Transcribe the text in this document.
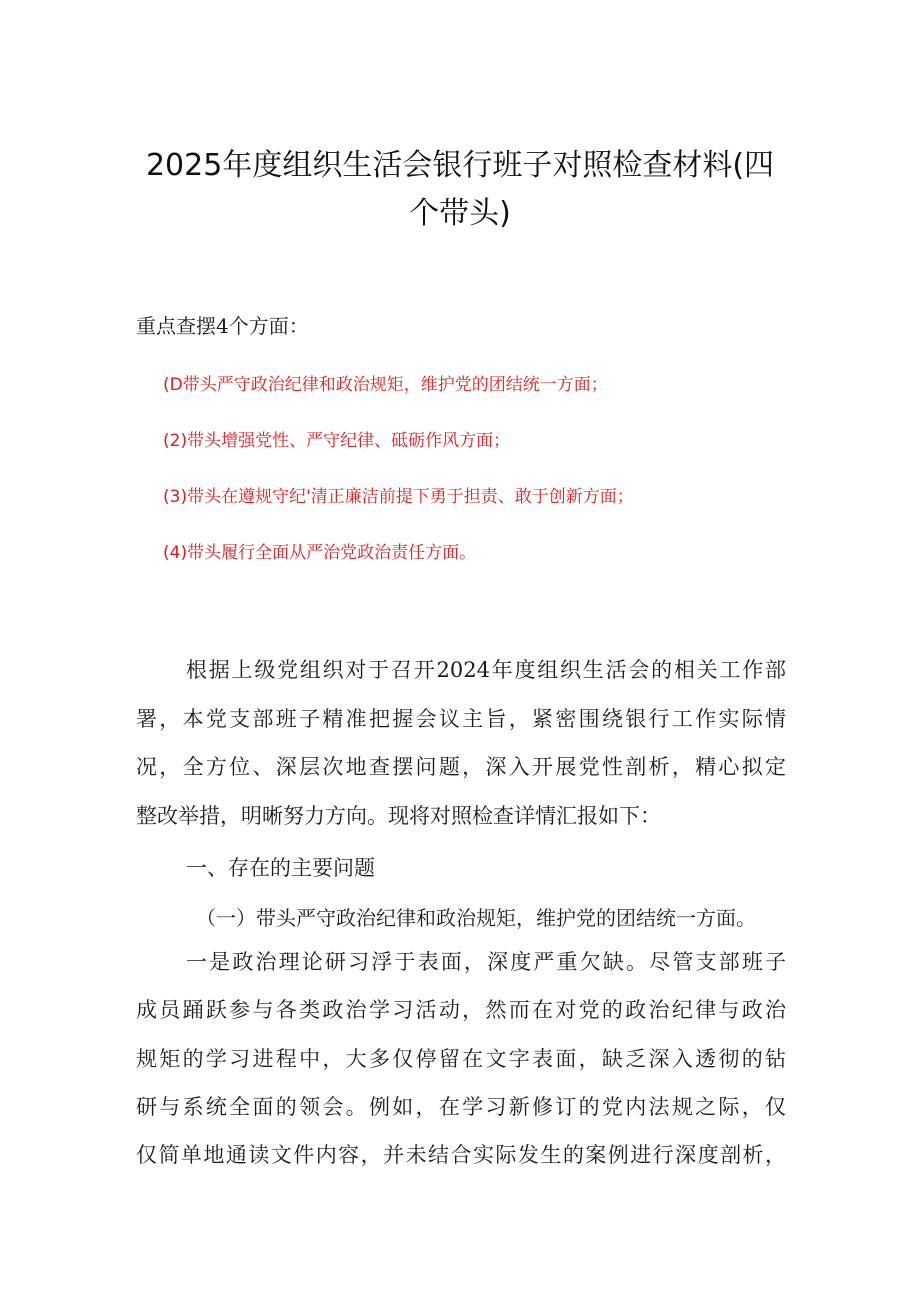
2025年度组织生活会银行班子对照检查材料(四
个带头)
重点查摆4个方面：
(D带头严守政治纪律和政治规矩，维护党的团结统一方面；
(2)带头增强党性、严守纪律、砥砺作风方面；
(3)带头在遵规守纪'清正廉洁前提下勇于担责、敢于创新方面；
(4)带头履行全面从严治党政治责任方面。
根据上级党组织对于召开2024年度组织生活会的相关工作部
署，本党支部班子精准把握会议主旨，紧密围绕银行工作实际情
况，全方位、深层次地查摆问题，深入开展党性剖析，精心拟定
整改举措，明晰努力方向。现将对照检查详情汇报如下：
一、存在的主要问题
（一）带头严守政治纪律和政治规矩，维护党的团结统一方面。
一是政治理论研习浮于表面，深度严重欠缺。尽管支部班子
成员踊跃参与各类政治学习活动，然而在对党的政治纪律与政治
规矩的学习进程中，大多仅停留在文字表面，缺乏深入透彻的钻
研与系统全面的领会。例如，在学习新修订的党内法规之际，仅
仅简单地通读文件内容，并未结合实际发生的案例进行深度剖析，
